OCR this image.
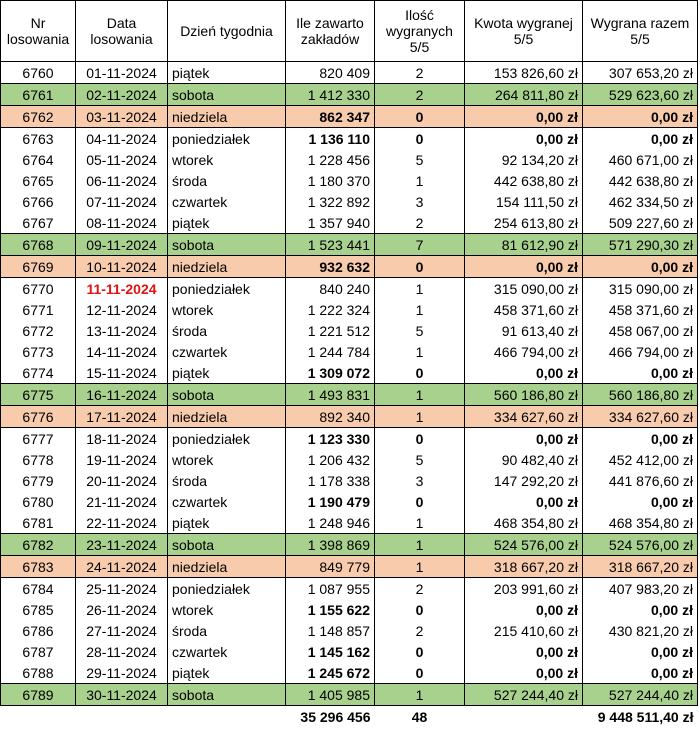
Nr losowania	Data losowania	Dzień tygodnia	Ile zawarto zakładów	Ilość wygranych 5/5	Kwota wygranej 5/5	Wygrana razem 5/5
6760	01-11-2024	piątek	820 409	2	153 826,60 zł	307 653,20 zł
6761	02-11-2024	sobota	1 412 330	2	264 811,80 zł	529 623,60 zł
6762	03-11-2024	niedziela	862 347	0	0,00 zł	0,00 zł
6763	04-11-2024	poniedziałek	1 136 110	0	0,00 zł	0,00 zł
6764	05-11-2024	wtorek	1 228 456	5	92 134,20 zł	460 671,00 zł
6765	06-11-2024	środa	1 180 370	1	442 638,80 zł	442 638,80 zł
6766	07-11-2024	czwartek	1 322 892	3	154 111,50 zł	462 334,50 zł
6767	08-11-2024	piątek	1 357 940	2	254 613,80 zł	509 227,60 zł
6768	09-11-2024	sobota	1 523 441	7	81 612,90 zł	571 290,30 zł
6769	10-11-2024	niedziela	932 632	0	0,00 zł	0,00 zł
6770	11-11-2024	poniedziałek	840 240	1	315 090,00 zł	315 090,00 zł
6771	12-11-2024	wtorek	1 222 324	1	458 371,60 zł	458 371,60 zł
6772	13-11-2024	środa	1 221 512	5	91 613,40 zł	458 067,00 zł
6773	14-11-2024	czwartek	1 244 784	1	466 794,00 zł	466 794,00 zł
6774	15-11-2024	piątek	1 309 072	0	0,00 zł	0,00 zł
6775	16-11-2024	sobota	1 493 831	1	560 186,80 zł	560 186,80 zł
6776	17-11-2024	niedziela	892 340	1	334 627,60 zł	334 627,60 zł
6777	18-11-2024	poniedziałek	1 123 330	0	0,00 zł	0,00 zł
6778	19-11-2024	wtorek	1 206 432	5	90 482,40 zł	452 412,00 zł
6779	20-11-2024	środa	1 178 338	3	147 292,20 zł	441 876,60 zł
6780	21-11-2024	czwartek	1 190 479	0	0,00 zł	0,00 zł
6781	22-11-2024	piątek	1 248 946	1	468 354,80 zł	468 354,80 zł
6782	23-11-2024	sobota	1 398 869	1	524 576,00 zł	524 576,00 zł
6783	24-11-2024	niedziela	849 779	1	318 667,20 zł	318 667,20 zł
6784	25-11-2024	poniedziałek	1 087 955	2	203 991,60 zł	407 983,20 zł
6785	26-11-2024	wtorek	1 155 622	0	0,00 zł	0,00 zł
6786	27-11-2024	środa	1 148 857	2	215 410,60 zł	430 821,20 zł
6787	28-11-2024	czwartek	1 145 162	0	0,00 zł	0,00 zł
6788	29-11-2024	piątek	1 245 672	0	0,00 zł	0,00 zł
6789	30-11-2024	sobota	1 405 985	1	527 244,40 zł	527 244,40 zł
			35 296 456	48		9 448 511,40 zł
